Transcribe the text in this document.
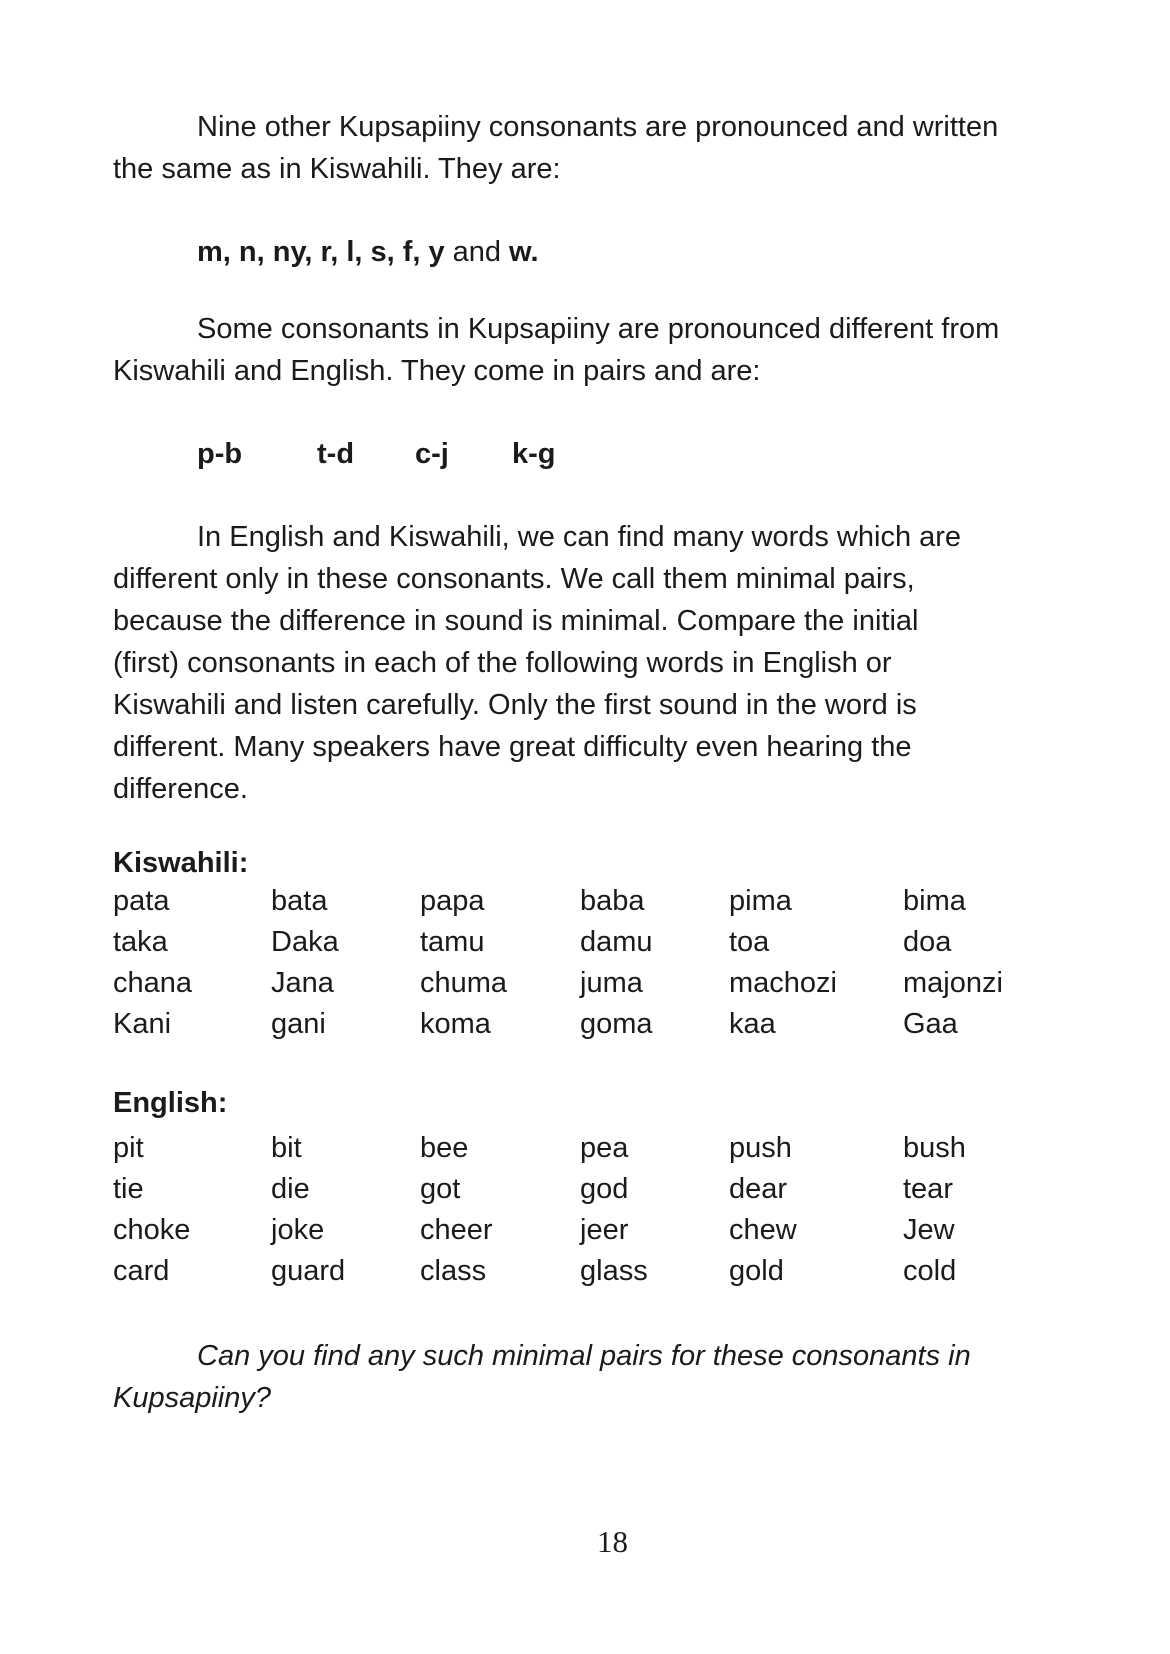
Nine other Kupsapiiny consonants are pronounced and written
the same as in Kiswahili. They are:
m, n, ny, r, l, s, f, y and w.
Some consonants in Kupsapiiny are pronounced different from
Kiswahili and English. They come in pairs and are:
p-b	t-d c-j k-g
In English and Kiswahili, we can find many words which are
different only in these consonants. We call them minimal pairs,
because the difference in sound is minimal. Compare the initial
(first) consonants in each of the following words in English or
Kiswahili and listen carefully. Only the first sound in the word is
different. Many speakers have great difficulty even hearing the
difference.
Kiswahili:
pata	bata	papa	baba	pima	bima
taka	Daka	tamu	damu	toa	doa
chana	Jana	chuma	juma	machozi	majonzi
Kani	gani	koma	goma	kaa	Gaa
English:
pit	bit	bee	pea	push	bush
tie	die	got	god	dear	tear
choke	joke	cheer	jeer	chew	Jew
card	guard	class	glass	gold	cold
Can you find any such minimal pairs for these consonants in
Kupsapiiny?
18
